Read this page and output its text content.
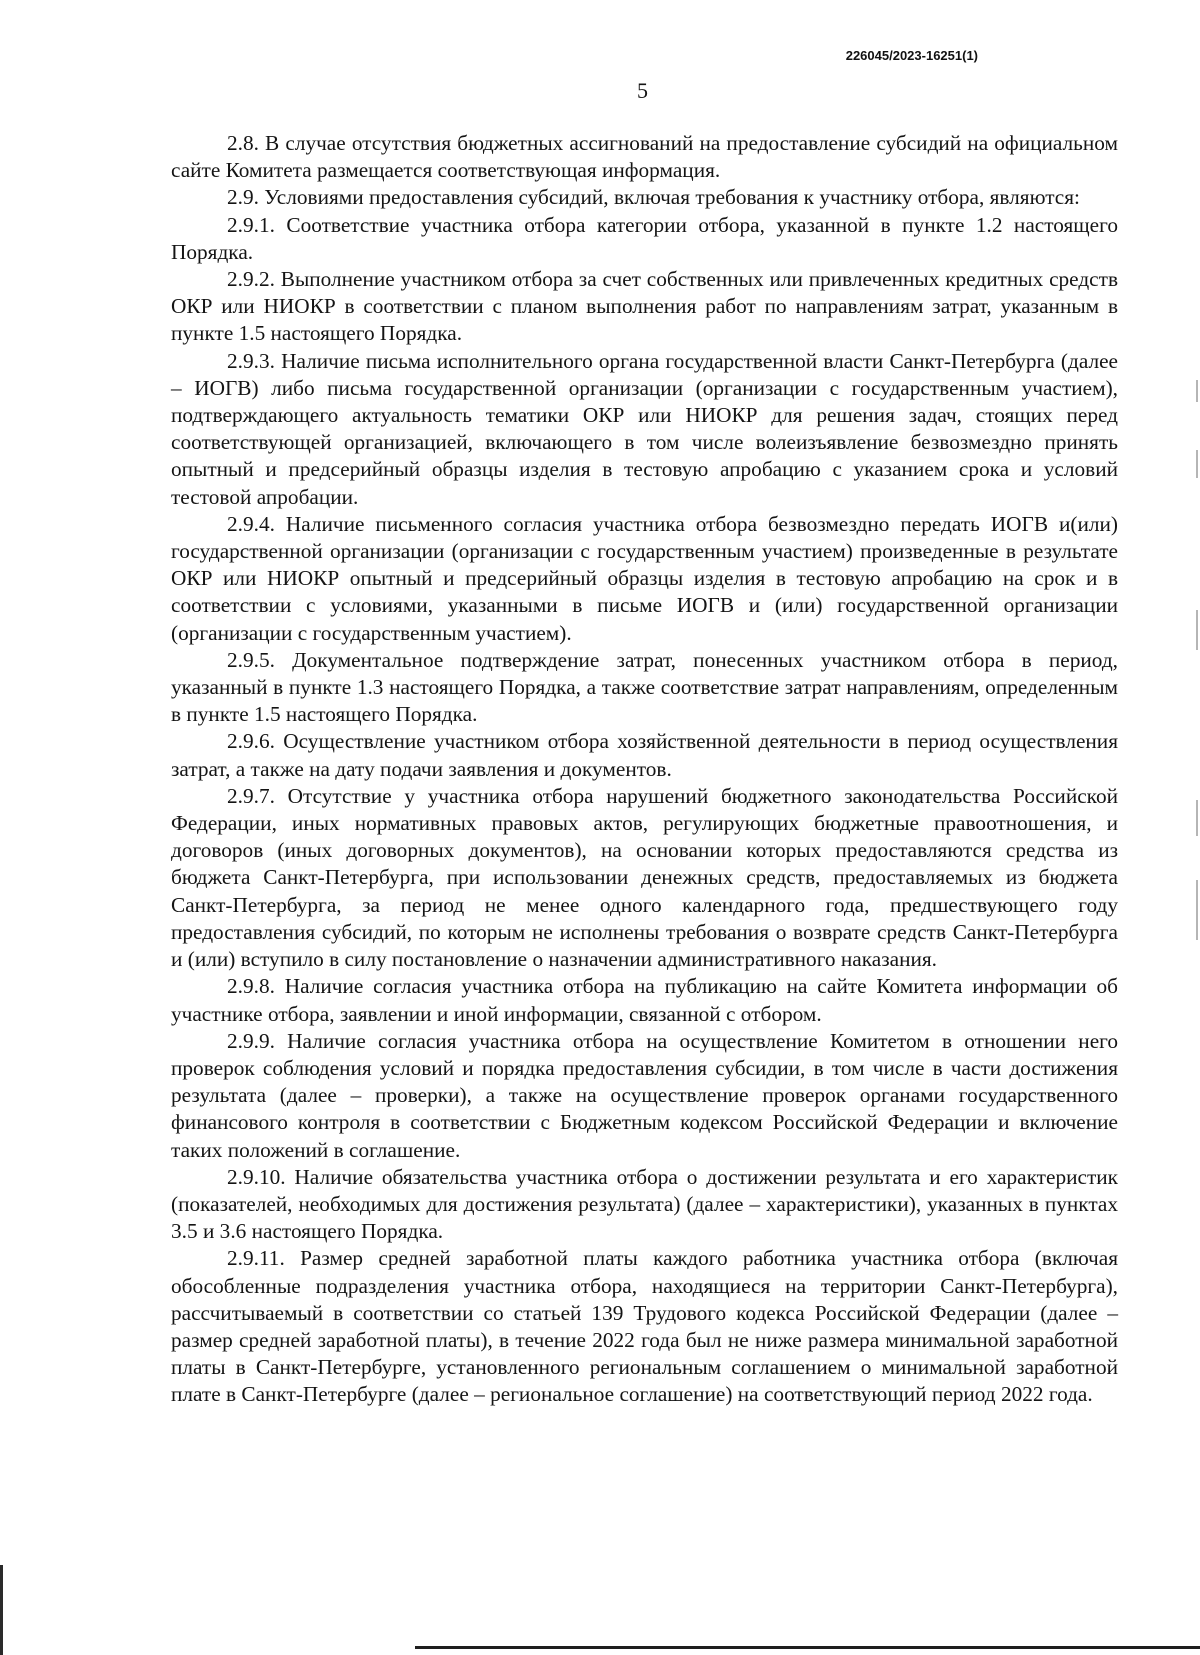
226045/2023-16251(1)
5

2.8. В случае отсутствия бюджетных ассигнований на предоставление субсидий на официальном сайте Комитета размещается соответствующая информация.

2.9. Условиями предоставления субсидий, включая требования к участнику отбора, являются:

2.9.1. Соответствие участника отбора категории отбора, указанной в пункте 1.2 настоящего Порядка.

2.9.2. Выполнение участником отбора за счет собственных или привлеченных кредитных средств ОКР или НИОКР в соответствии с планом выполнения работ по направлениям затрат, указанным в пункте 1.5 настоящего Порядка.

2.9.3. Наличие письма исполнительного органа государственной власти Санкт-Петербурга (далее – ИОГВ) либо письма государственной организации (организации с государственным участием), подтверждающего актуальность тематики ОКР или НИОКР для решения задач, стоящих перед соответствующей организацией, включающего в том числе волеизъявление безвозмездно принять опытный и предсерийный образцы изделия в тестовую апробацию с указанием срока и условий тестовой апробации.

2.9.4. Наличие письменного согласия участника отбора безвозмездно передать ИОГВ и(или) государственной организации (организации с государственным участием) произведенные в результате ОКР или НИОКР опытный и предсерийный образцы изделия в тестовую апробацию на срок и в соответствии с условиями, указанными в письме ИОГВ и (или) государственной организации (организации с государственным участием).

2.9.5. Документальное подтверждение затрат, понесенных участником отбора в период, указанный в пункте 1.3 настоящего Порядка, а также соответствие затрат направлениям, определенным в пункте 1.5 настоящего Порядка.

2.9.6. Осуществление участником отбора хозяйственной деятельности в период осуществления затрат, а также на дату подачи заявления и документов.

2.9.7. Отсутствие у участника отбора нарушений бюджетного законодательства Российской Федерации, иных нормативных правовых актов, регулирующих бюджетные правоотношения, и договоров (иных договорных документов), на основании которых предоставляются средства из бюджета Санкт-Петербурга, при использовании денежных средств, предоставляемых из бюджета Санкт-Петербурга, за период не менее одного календарного года, предшествующего году предоставления субсидий, по которым не исполнены требования о возврате средств Санкт-Петербурга и (или) вступило в силу постановление о назначении административного наказания.

2.9.8. Наличие согласия участника отбора на публикацию на сайте Комитета информации об участнике отбора, заявлении и иной информации, связанной с отбором.

2.9.9. Наличие согласия участника отбора на осуществление Комитетом в отношении него проверок соблюдения условий и порядка предоставления субсидии, в том числе в части достижения результата (далее – проверки), а также на осуществление проверок органами государственного финансового контроля в соответствии с Бюджетным кодексом Российской Федерации и включение таких положений в соглашение.

2.9.10. Наличие обязательства участника отбора о достижении результата и его характеристик (показателей, необходимых для достижения результата) (далее – характеристики), указанных в пунктах 3.5 и 3.6 настоящего Порядка.

2.9.11. Размер средней заработной платы каждого работника участника отбора (включая обособленные подразделения участника отбора, находящиеся на территории Санкт-Петербурга), рассчитываемый в соответствии со статьей 139 Трудового кодекса Российской Федерации (далее – размер средней заработной платы), в течение 2022 года был не ниже размера минимальной заработной платы в Санкт-Петербурге, установленного региональным соглашением о минимальной заработной плате в Санкт-Петербурге (далее – региональное соглашение) на соответствующий период 2022 года.
